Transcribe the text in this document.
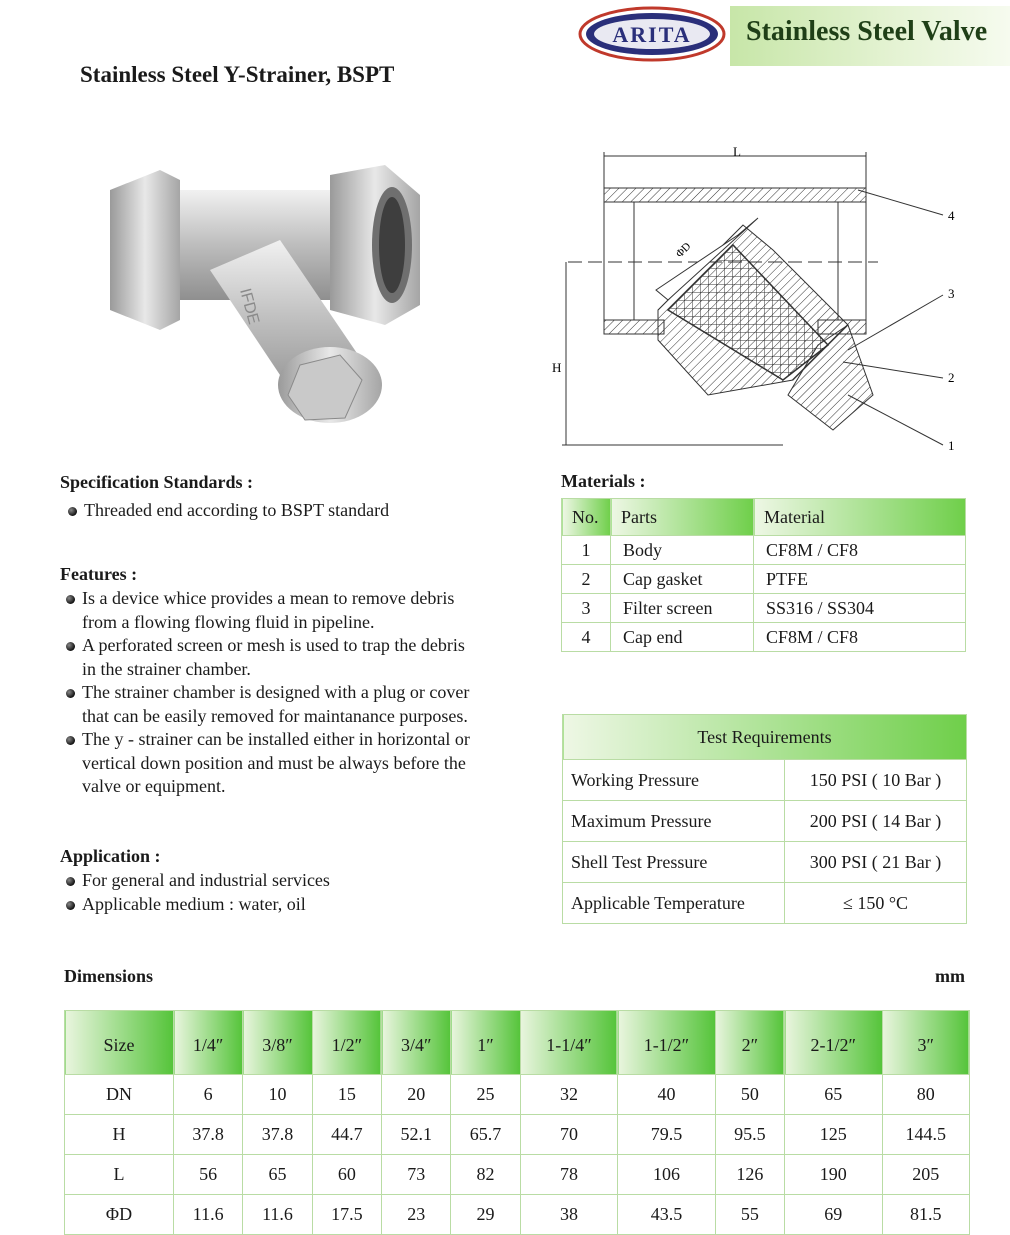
ARITA Stainless Steel Valve
Stainless Steel Y-Strainer, BSPT
IFDE
L
ΦD
H
4
3
2
1
Specification Standards :
Threaded end according to BSPT standard
Features :
Is a device whice provides a mean to remove debris
from a flowing flowing fluid in pipeline.
A perforated screen or mesh is used to trap the debris
in the strainer chamber.
The strainer chamber is designed with a plug or cover
that can be easily removed for maintanance purposes.
The y - strainer can be installed either in horizontal or
vertical down position and must be always before the
valve or equipment.
Application :
For general and industrial services
Applicable medium : water, oil
Materials :
No.	Parts	Material
1	Body	CF8M / CF8
2	Cap gasket	PTFE
3	Filter screen	SS316 / SS304
4	Cap end	CF8M / CF8
Test Requirements	
Working Pressure	150 PSI ( 10 Bar )
Maximum Pressure	200 PSI ( 14 Bar )
Shell Test Pressure	300 PSI ( 21 Bar )
Applicable Temperature	≤ 150 °C
Dimensions	mm
Size	1/4″	3/8″	1/2″	3/4″	1″	1-1/4″	1-1/2″	2″	2-1/2″	3″
DN	6	10	15	20	25	32	40	50	65	80
H	37.8	37.8	44.7	52.1	65.7	70	79.5	95.5	125	144.5
L	56	65	60	73	82	78	106	126	190	205
ΦD	11.6	11.6	17.5	23	29	38	43.5	55	69	81.5
